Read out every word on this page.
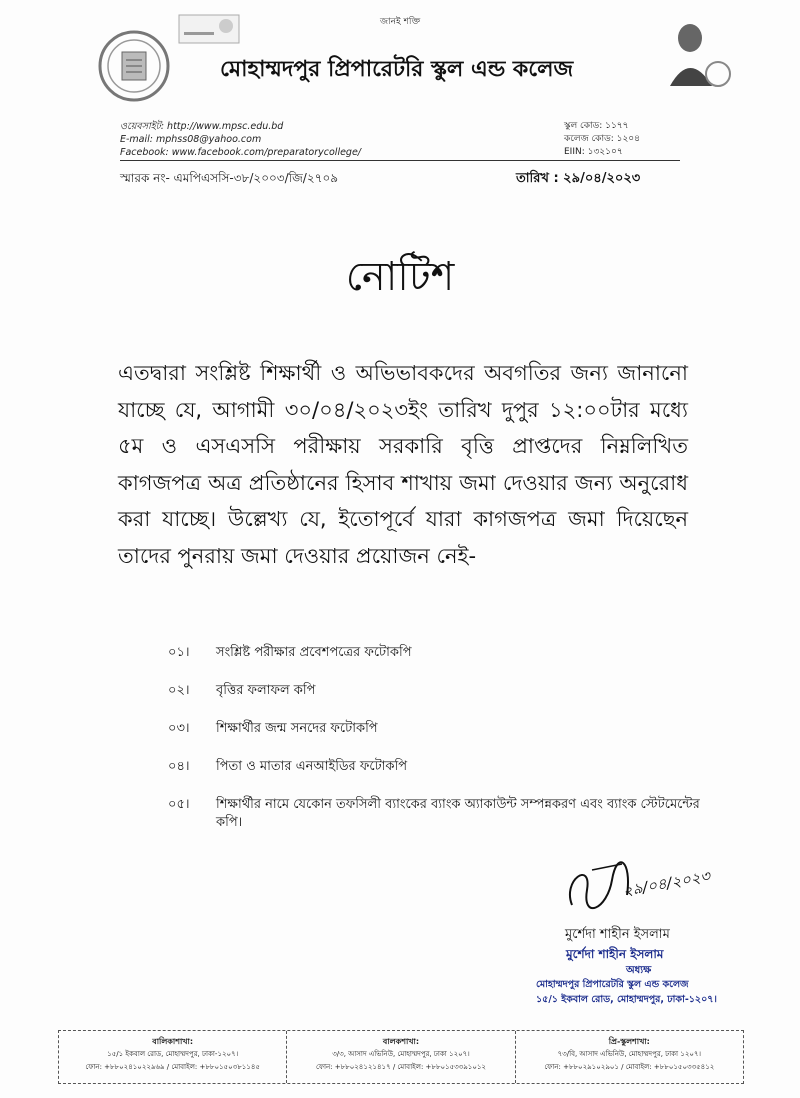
জানই শক্তি
মোহাম্মদপুর প্রিপারেটরি স্কুল এন্ড কলেজ
ওয়েবসাইট: http://www.mpsc.edu.bd
E-mail: mphss08@yahoo.com
Facebook: www.facebook.com/preparatorycollege/
স্কুল কোড: ১১৭৭
কলেজ কোড: ১২০৪
EIIN: ১৩২১০৭
স্মারক নং- এমপিএসসি-৩৮/২০০৩/জি/২৭০৯	তারিখ : ২৯/০৪/২০২৩
নোটিশ
এতদ্বারা সংশ্লিষ্ট শিক্ষার্থী ও অভিভাবকদের অবগতির জন্য জানানো যাচ্ছে যে, আগামী ৩০/০৪/২০২৩ইং তারিখ দুপুর ১২:০০টার মধ্যে ৫ম ও এসএসসি পরীক্ষায় সরকারি বৃত্তি প্রাপ্তদের নিম্নলিখিত কাগজপত্র অত্র প্রতিষ্ঠানের হিসাব শাখায় জমা দেওয়ার জন্য অনুরোধ করা যাচ্ছে। উল্লেখ্য যে, ইতোপূর্বে যারা কাগজপত্র জমা দিয়েছেন তাদের পুনরায় জমা দেওয়ার প্রয়োজন নেই-
০১।	সংশ্লিষ্ট পরীক্ষার প্রবেশপত্রের ফটোকপি
০২।	বৃত্তির ফলাফল কপি
০৩।	শিক্ষার্থীর জন্ম সনদের ফটোকপি
০৪।	পিতা ও মাতার এনআইডির ফটোকপি
০৫।	শিক্ষার্থীর নামে যেকোন তফসিলী ব্যাংকের ব্যাংক অ্যাকাউন্ট সম্পন্নকরণ এবং ব্যাংক স্টেটমেন্টের কপি।
২৯/০৪/২০২৩
মুর্শেদা শাহীন ইসলাম
মুর্শেদা শাহীন ইসলাম
অধ্যক্ষ
মোহাম্মদপুর প্রিপারেটরি স্কুল এন্ড কলেজ
১৫/১ ইকবাল রোড, মোহাম্মদপুর, ঢাকা-১২০৭।
বালিকাশাখা:
১৫/১ ইকবাল রোড, মোহাম্মদপুর, ঢাকা-১২০৭।
ফোন: +৮৮০২৪১০২২৯৬৯ / মোবাইল: +৮৮০১৫০৩৮১১৪৫
বালকশাখা:
৩/৩, আসাদ এভিনিউ, মোহাম্মদপুর, ঢাকা ১২০৭।
ফোন: +৮৮০২৪১২১৪১৭ / মোবাইল: +৮৮০১৫৩৩৯১০১২
প্রি-স্কুলশাখা:
৭৩/বি, আসাদ এভিনিউ, মোহাম্মদপুর, ঢাকা ১২০৭।
ফোন: +৮৮০২৯১০২৯০১ / মোবাইল: +৮৮০১৫০৩৩৫৪১২
